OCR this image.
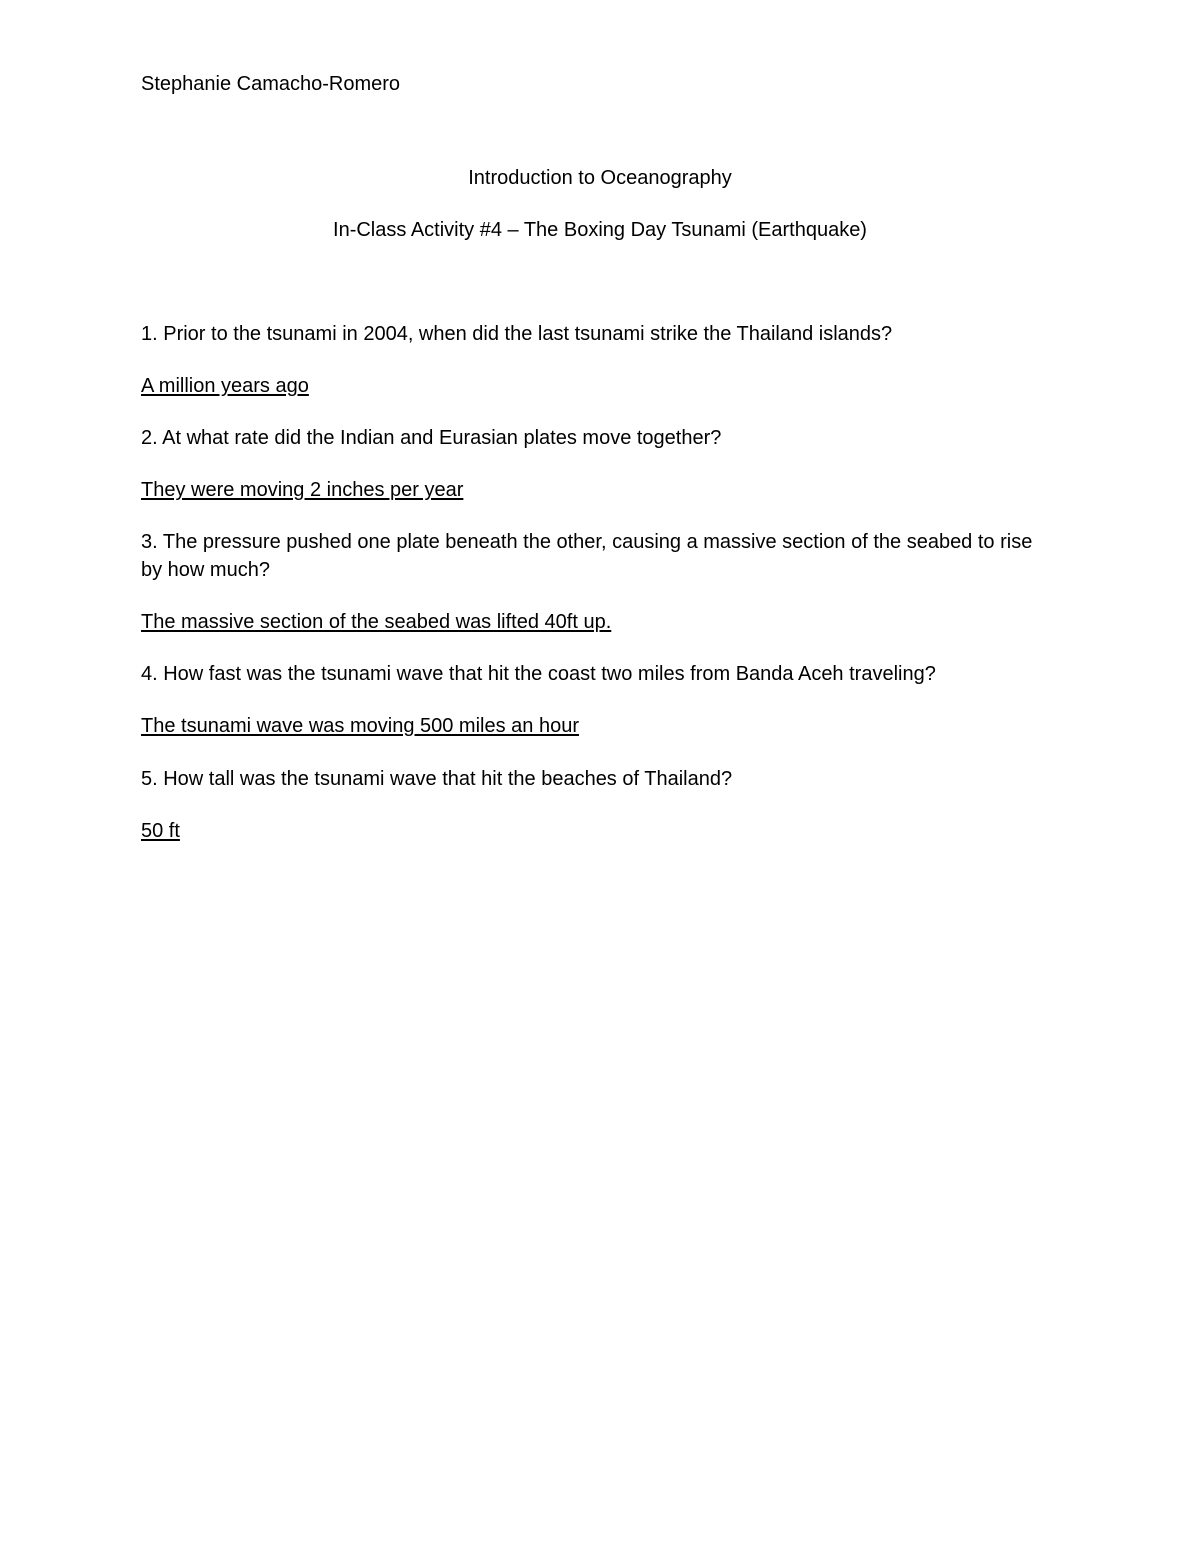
Stephanie Camacho-Romero

Introduction to Oceanography

In-Class Activity #4 – The Boxing Day Tsunami (Earthquake)

1. Prior to the tsunami in 2004, when did the last tsunami strike the Thailand islands?

A million years ago

2. At what rate did the Indian and Eurasian plates move together?

They were moving 2 inches per year

3. The pressure pushed one plate beneath the other, causing a massive section of the seabed to rise by how much?

The massive section of the seabed was lifted 40ft up.

4. How fast was the tsunami wave that hit the coast two miles from Banda Aceh traveling?

The tsunami wave was moving 500 miles an hour

5. How tall was the tsunami wave that hit the beaches of Thailand?

50 ft
